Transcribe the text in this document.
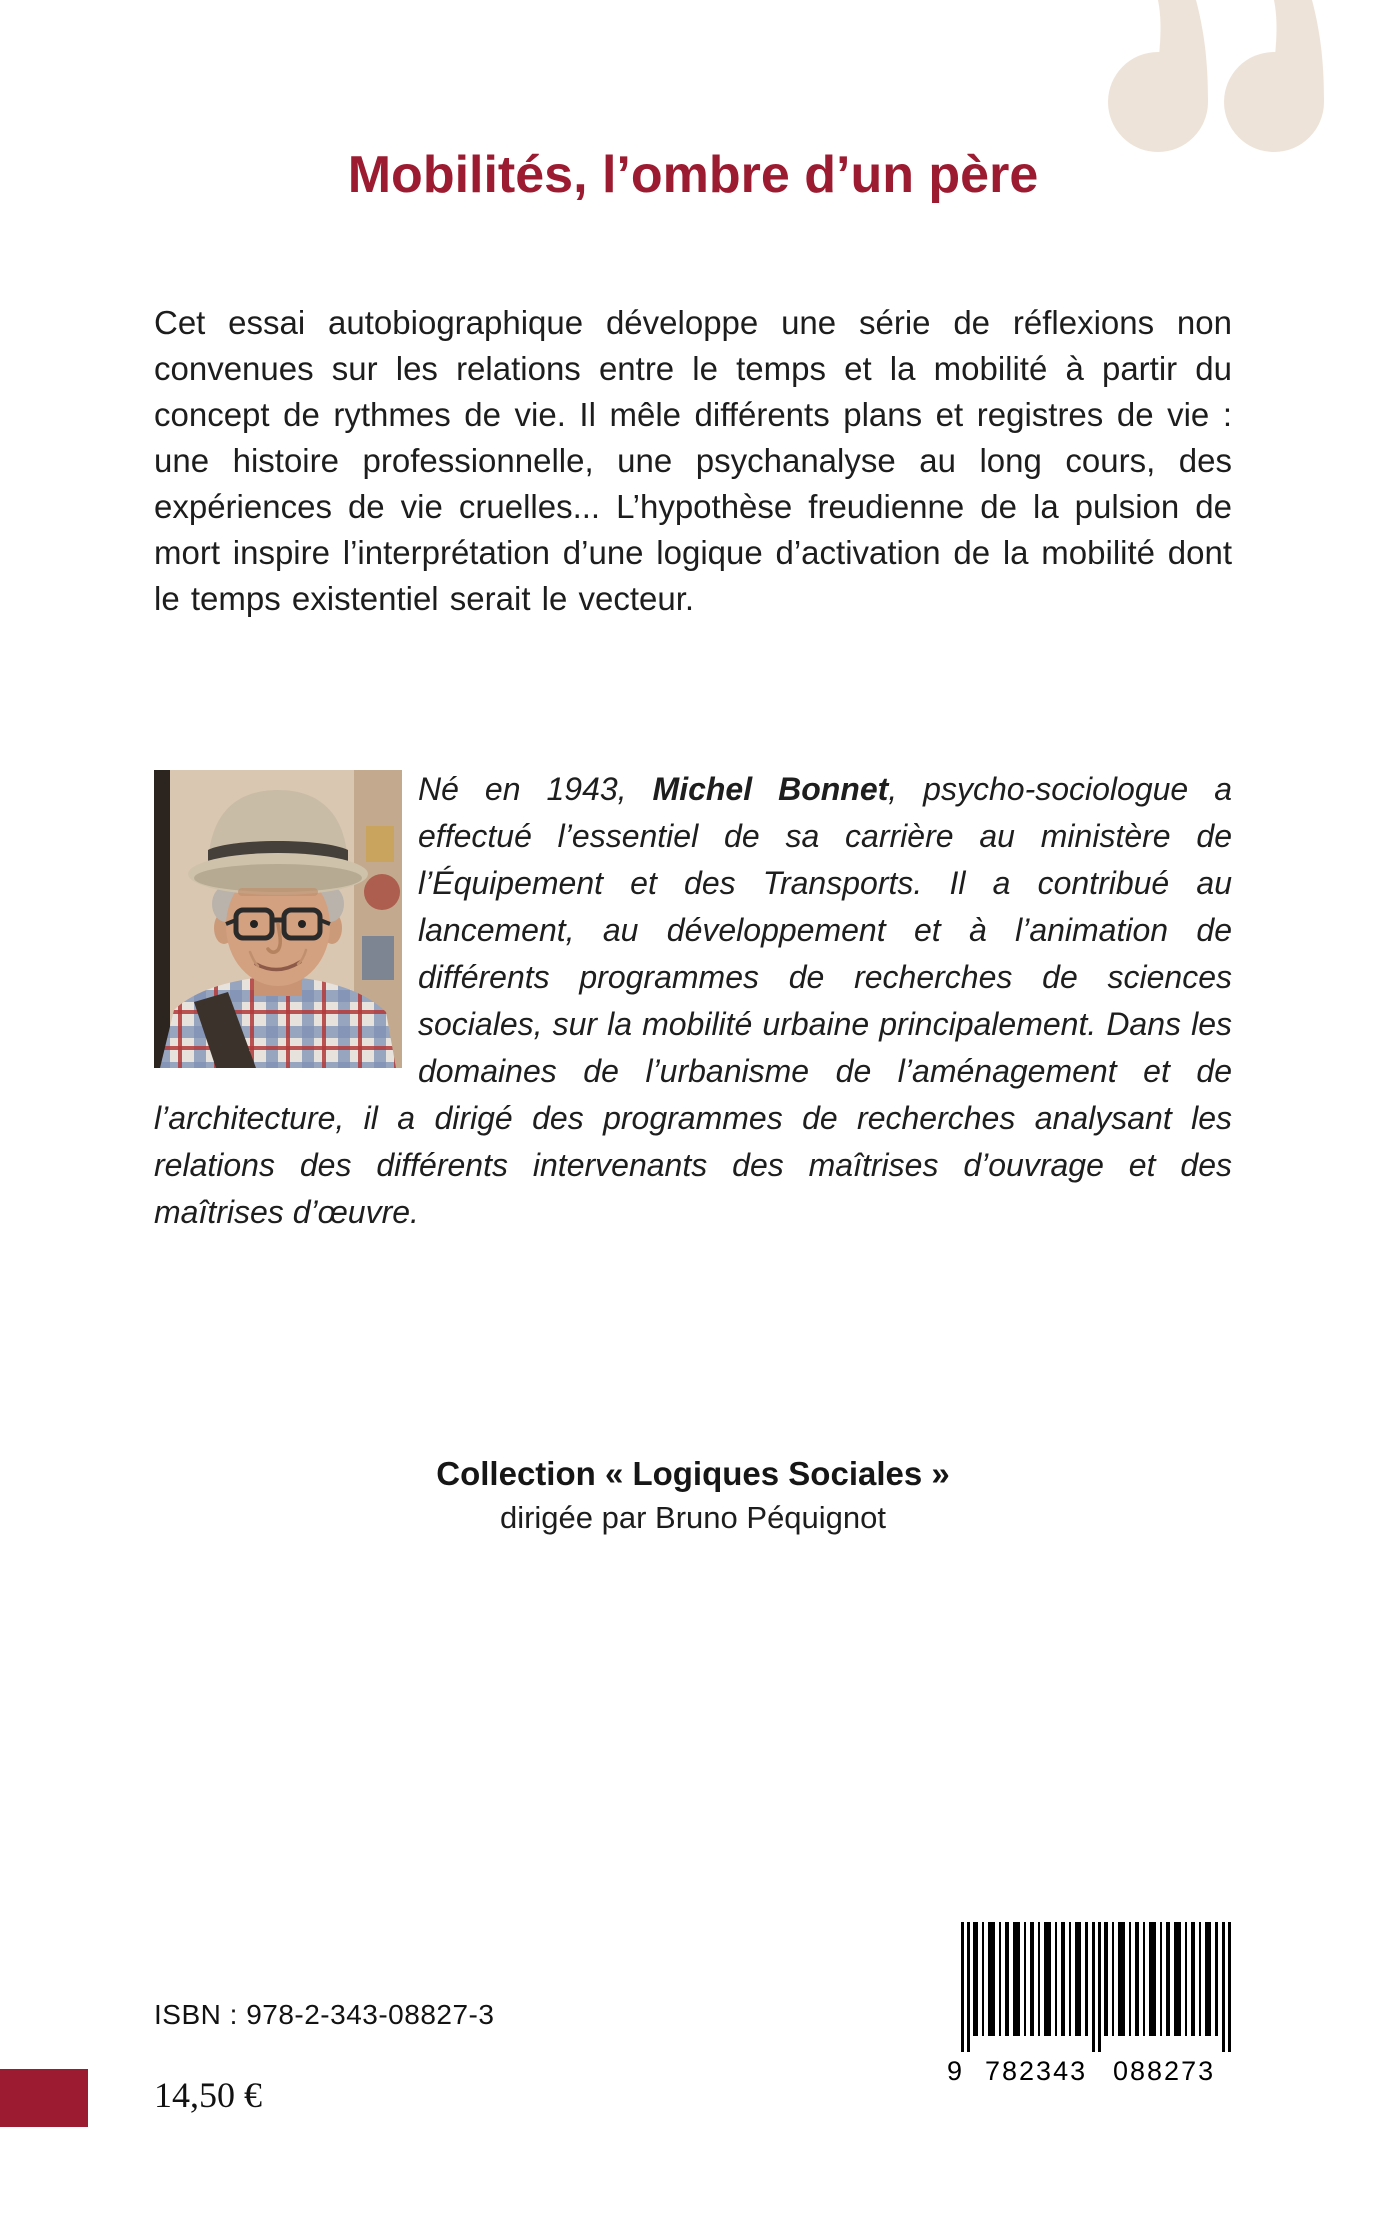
Mobilités, l’ombre d’un père

Cet essai autobiographique développe une série de réflexions non convenues sur les relations entre le temps et la mobilité à partir du concept de rythmes de vie. Il mêle différents plans et registres de vie : une histoire professionnelle, une psychanalyse au long cours, des expériences de vie cruelles... L’hypothèse freudienne de la pulsion de mort inspire l’interprétation d’une logique d’activation de la mobilité dont le temps existentiel serait le vecteur.

Né en 1943, Michel Bonnet, psycho-sociologue a effectué l’essentiel de sa carrière au ministère de l’Équipement et des Transports. Il a contribué au lancement, au développement et à l’animation de différents programmes de recherches de sciences sociales, sur la mobilité urbaine principalement. Dans les domaines de l’urbanisme de l’aménagement et de l’architecture, il a dirigé des programmes de recherches analysant les relations des différents intervenants des maîtrises d’ouvrage et des maîtrises d’œuvre.

Collection « Logiques Sociales »
dirigée par Bruno Péquignot
ISBN : 978-2-343-08827-3
14,50 €
9 782343 088273
